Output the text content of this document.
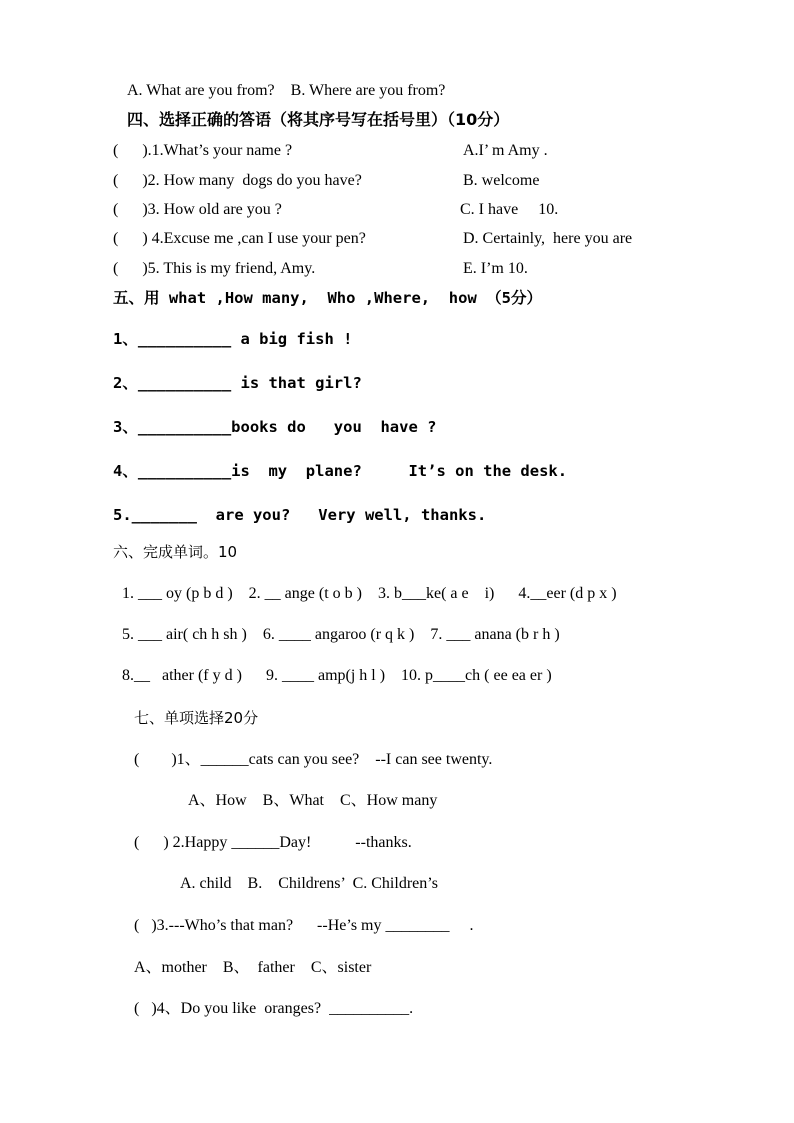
A. What are you from?    B. Where are you from?
四、选择正确的答语（将其序号写在括号里）（10分）
(      ).1.What’s your name ?	A.I’ m Amy .
(      )2. How many  dogs do you have?	B. welcome
(      )3. How old are you ?	C. I have     10.
(      ) 4.Excuse me ,can I use your pen?	D. Certainly,  here you are
(      )5. This is my friend, Amy.	E. I’m 10.
五、用 what ,How many,  Who ,Where,  how （5分）
1、__________ a big fish !
2、__________ is that girl?
3、__________books do   you  have ?
4、__________is  my  plane?     It’s on the desk.
5._______  are you?   Very well, thanks.
六、完成单词。10
1. ___ oy (p b d )    2. __ ange (t o b )    3. b___ke( a e    i)      4.__eer (d p x )
5. ___ air( ch h sh )    6. ____ angaroo (r q k )    7. ___ anana (b r h )
8.__   ather (f y d )      9. ____ amp(j h l )    10. p____ch ( ee ea er )
七、单项选择20分
(        )1、______cats can you see?    --I can see twenty.
A、How    B、What    C、How many
(      ) 2.Happy ______Day!           --thanks.
A. child    B.    Childrens’  C. Children’s
(   )3.---Who’s that man?      --He’s my ________     .
A、mother    B、  father    C、sister
(   )4、Do you like  oranges?  __________.
